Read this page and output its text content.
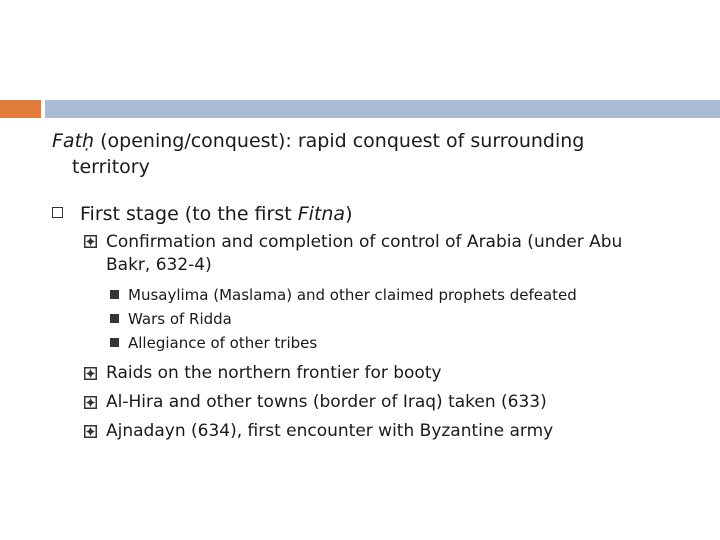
Fatḥ (opening/conquest): rapid conquest of surrounding territory

First stage (to the first Fitna)
Confirmation and completion of control of Arabia (under Abu Bakr, 632-4)
Musaylima (Maslama) and other claimed prophets defeated
Wars of Ridda
Allegiance of other tribes
Raids on the northern frontier for booty
Al-Hira and other towns (border of Iraq) taken (633)
Ajnadayn (634), first encounter with Byzantine army
